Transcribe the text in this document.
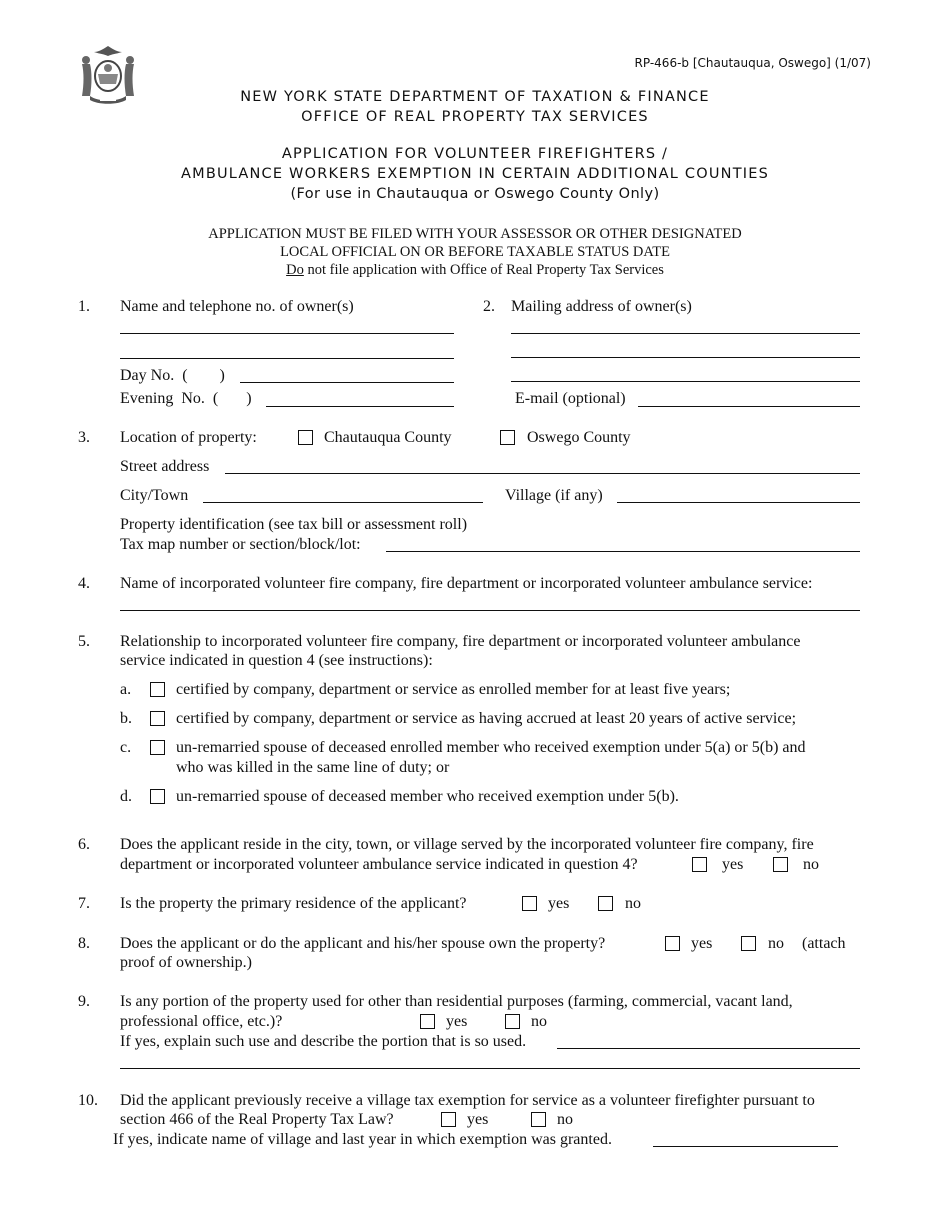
RP-466-b [Chautauqua, Oswego] (1/07)
NEW YORK STATE DEPARTMENT OF TAXATION & FINANCE
OFFICE OF REAL PROPERTY TAX SERVICES
APPLICATION FOR VOLUNTEER FIREFIGHTERS /
AMBULANCE WORKERS EXEMPTION IN CERTAIN ADDITIONAL COUNTIES
(For use in Chautauqua or Oswego County Only)
APPLICATION MUST BE FILED WITH YOUR ASSESSOR OR OTHER DESIGNATED
LOCAL OFFICIAL ON OR BEFORE TAXABLE STATUS DATE
Do not file application with Office of Real Property Tax Services
1. Name and telephone no. of owner(s)
Day No.  (        )
Evening  No.  (       )
2. Mailing address of owner(s)
E-mail (optional)
3. Location of property:	Chautauqua County	Oswego County
Street address
City/Town	Village (if any)
Property identification (see tax bill or assessment roll)
Tax map number or section/block/lot:
4. Name of incorporated volunteer fire company, fire department or incorporated volunteer ambulance service:
5. Relationship to incorporated volunteer fire company, fire department or incorporated volunteer ambulance
service indicated in question 4 (see instructions):
a.	certified by company, department or service as enrolled member for at least five years;
b.	certified by company, department or service as having accrued at least 20 years of active service;
c.	un-remarried spouse of deceased enrolled member who received exemption under 5(a) or 5(b) and
who was killed in the same line of duty; or
d.	un-remarried spouse of deceased member who received exemption under 5(b).
6. Does the applicant reside in the city, town, or village served by the incorporated volunteer fire company, fire
department or incorporated volunteer ambulance service indicated in question 4?	yes	no
7. Is the property the primary residence of the applicant?	yes	no
8. Does the applicant or do the applicant and his/her spouse own the property?	yes	no (attach
proof of ownership.)
9. Is any portion of the property used for other than residential purposes (farming, commercial, vacant land,
professional office, etc.)?	yes	no
If yes, explain such use and describe the portion that is so used.
10. Did the applicant previously receive a village tax exemption for service as a volunteer firefighter pursuant to
section 466 of the Real Property Tax Law?	yes	no
If yes, indicate name of village and last year in which exemption was granted.
